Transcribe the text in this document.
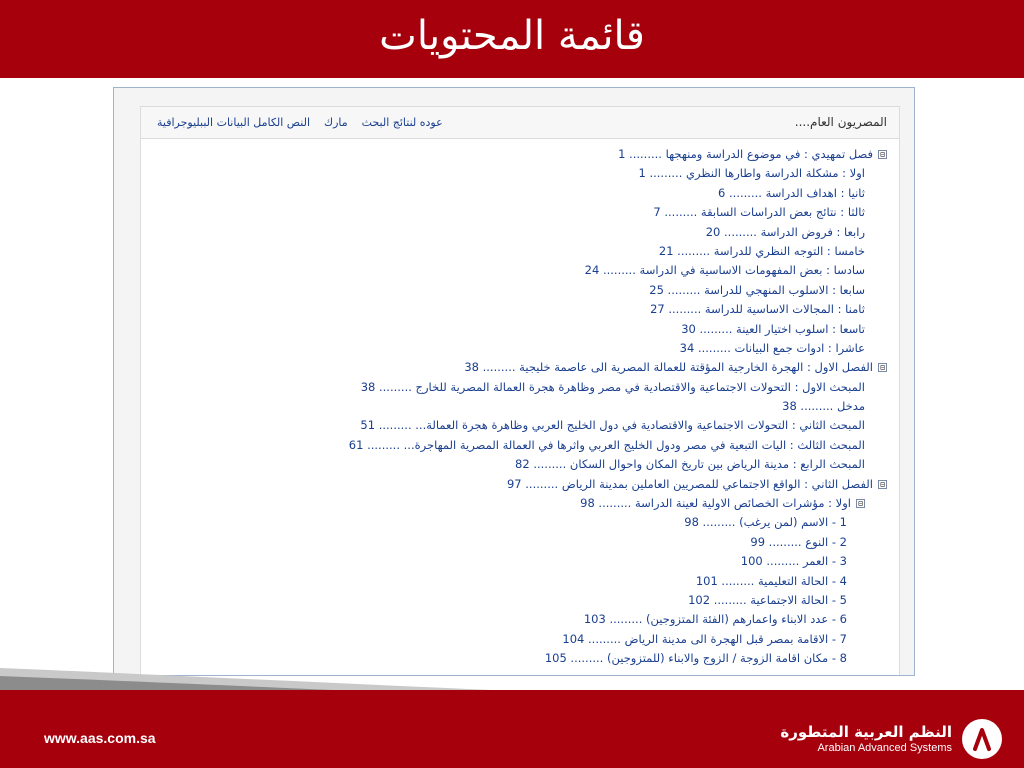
قائمة المحتويات
المصريون العام....
النص الكامل البيانات الببليوجرافية مارك عوده لنتائج البحث
⊟
فصل تمهيدي : في موضوع الدراسة ومنهجها ......... 1
اولا : مشكلة الدراسة واطارها النظري ......... 1
ثانيا : اهداف الدراسة ......... 6
ثالثا : نتائج بعض الدراسات السابقة ......... 7
رابعا : فروض الدراسة ......... 20
خامسا : التوجه النظري للدراسة ......... 21
سادسا : بعض المفهومات الاساسية في الدراسة ......... 24
سابعا : الاسلوب المنهجي للدراسة ......... 25
ثامنا : المجالات الاساسية للدراسة ......... 27
تاسعا : اسلوب اختيار العينة ......... 30
عاشرا : ادوات جمع البيانات ......... 34
⊟
الفصل الاول : الهجرة الخارجية المؤقتة للعمالة المصرية الى عاصمة خليجية ......... 38
المبحث الاول : التحولات الاجتماعية والاقتصادية في مصر وظاهرة هجرة العمالة المصرية للخارج ......... 38
مدخل ......... 38
المبحث الثاني : التحولات الاجتماعية والاقتصادية في دول الخليج العربي وظاهرة هجرة العمالة... ......... 51
المبحث الثالث : اليات التبعية في مصر ودول الخليج العربي واثرها في العمالة المصرية المهاجرة... ......... 61
المبحث الرابع : مدينة الرياض بين تاريخ المكان واحوال السكان ......... 82
⊟
الفصل الثاني : الواقع الاجتماعي للمصريين العاملين بمدينة الرياض ......... 97
⊟
اولا : مؤشرات الخصائص الاولية لعينة الدراسة ......... 98
1 - الاسم (لمن يرغب) ......... 98
2 - النوع ......... 99
3 - العمر ......... 100
4 - الحالة التعليمية ......... 101
5 - الحالة الاجتماعية ......... 102
6 - عدد الابناء واعمارهم (الفئة المتزوجين) ......... 103
7 - الاقامة بمصر قبل الهجرة الى مدينة الرياض ......... 104
8 - مكان اقامة الزوجة / الزوج والابناء (للمتزوجين) ......... 105
www.aas.com.sa	النظم العربية المتطورة
Arabian Advanced Systems
